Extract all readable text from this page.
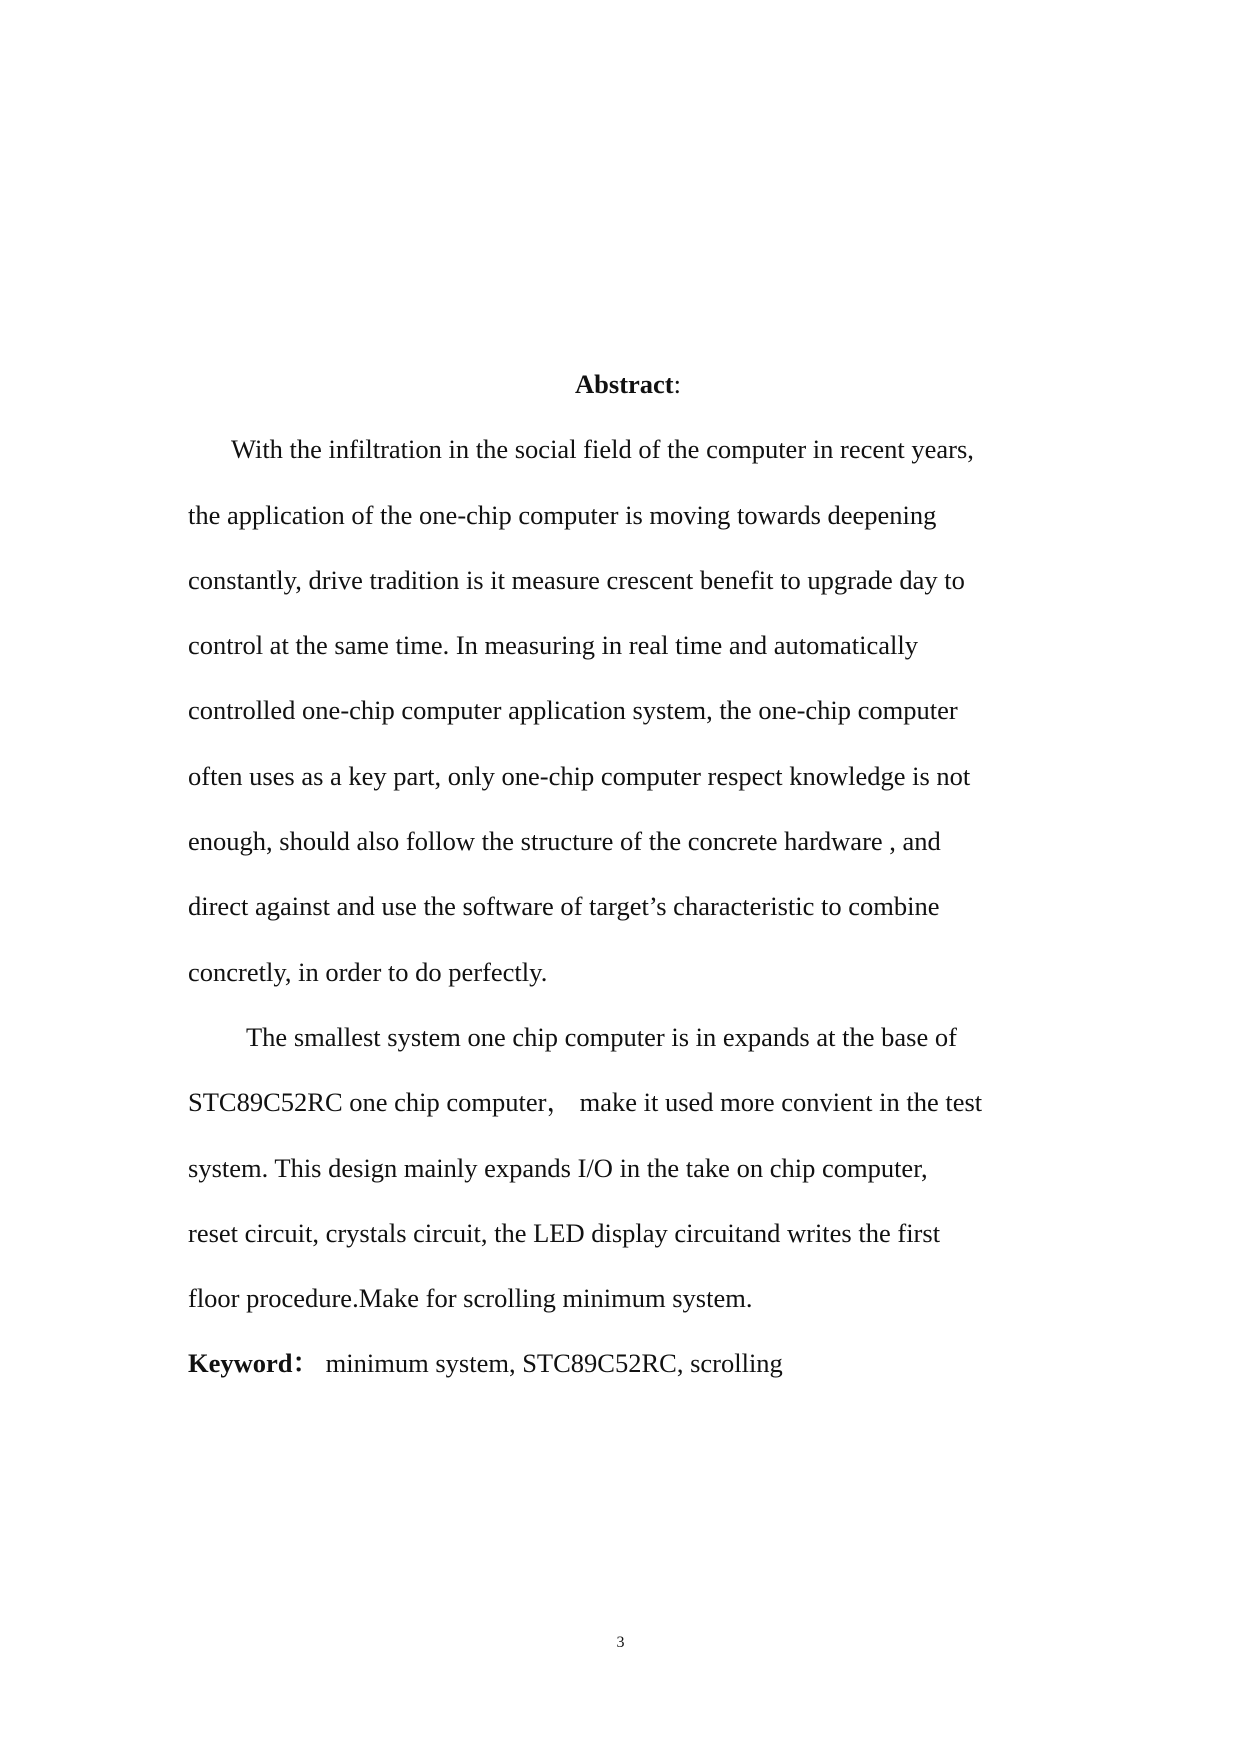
Abstract:

With the infiltration in the social field of the computer in recent years,
the application of the one-chip computer is moving towards deepening
constantly, drive tradition is it measure crescent benefit to upgrade day to
control at the same time. In measuring in real time and automatically
controlled one-chip computer application system, the one-chip computer
often uses as a key part, only one-chip computer respect knowledge is not
enough, should also follow the structure of the concrete hardware , and
direct against and use the software of target’s characteristic to combine
concretly, in order to do perfectly.

The smallest system one chip computer is in expands at the base of
STC89C52RC one chip computer， make it used more convient in the test
system. This design mainly expands I/O in the take on chip computer,
reset circuit, crystals circuit, the LED display circuitand writes the first
floor procedure.Make for scrolling minimum system.

Keyword： minimum system, STC89C52RC, scrolling

3
